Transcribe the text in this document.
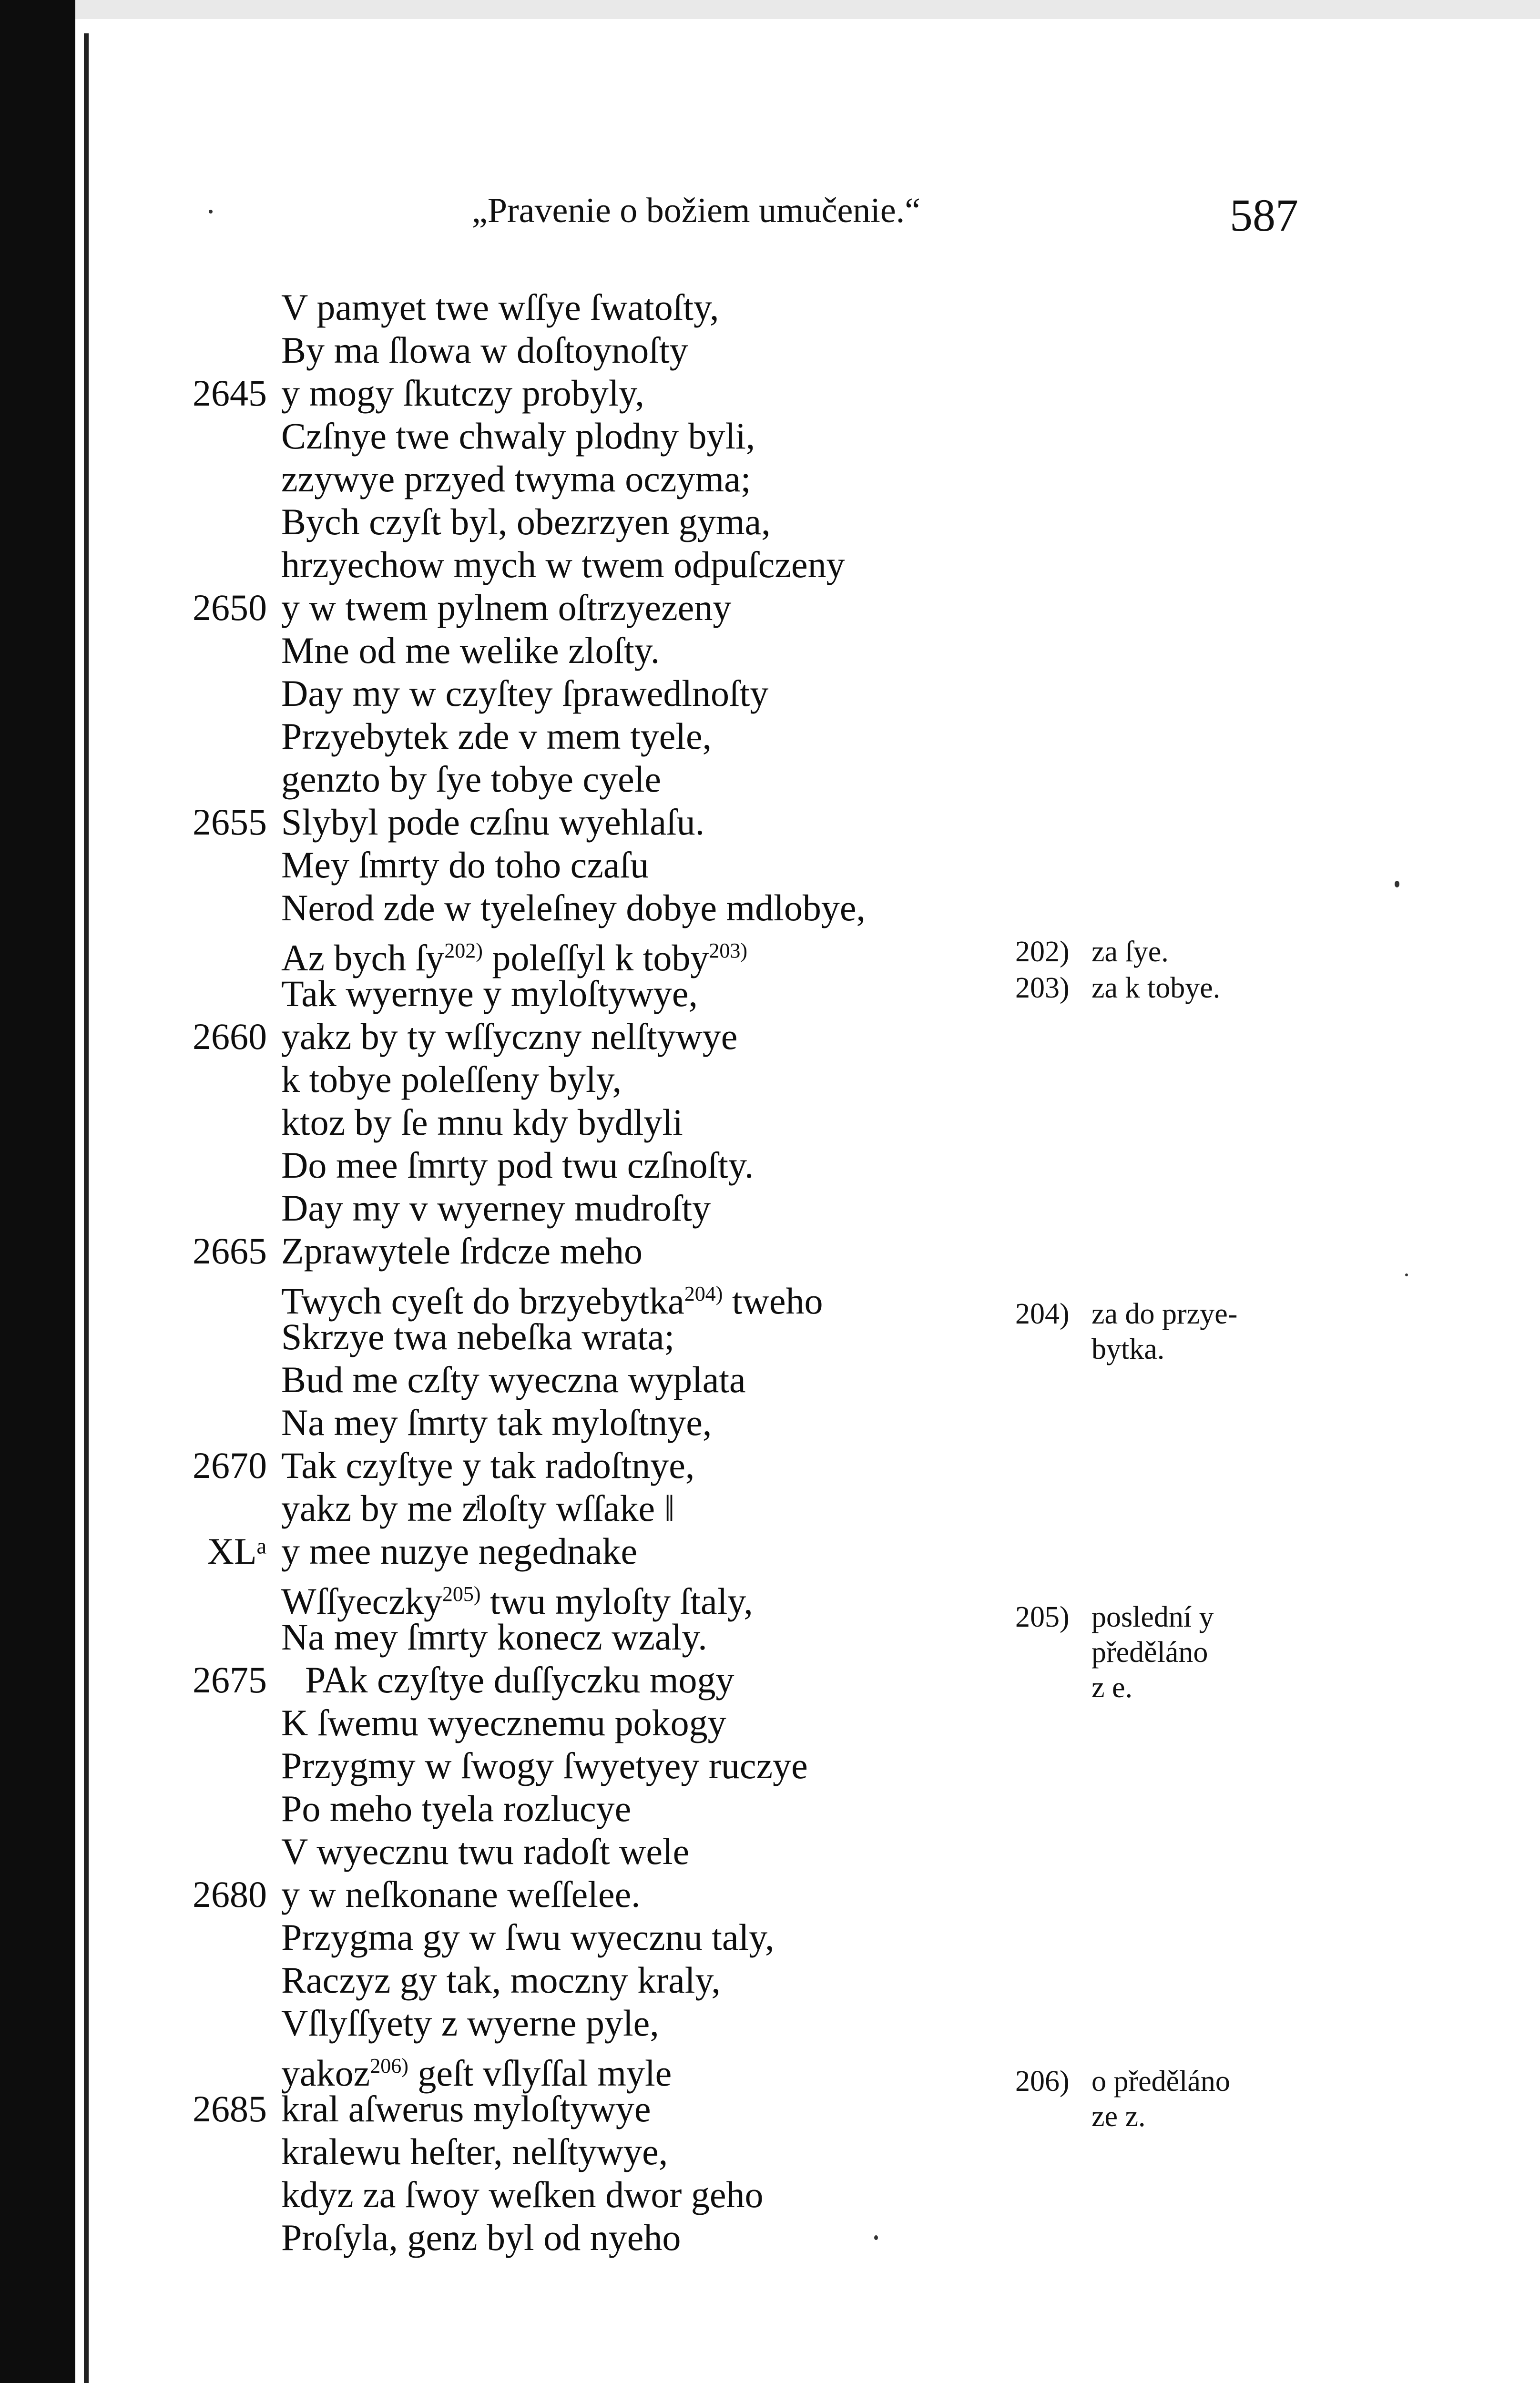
„Pravenie o božiem umučenie.“	587
V pamyet twe wſſye ſwatoſty,
By ma ſlowa w doſtoynoſty
2645 y mogy ſkutczy probyly,
Czſnye twe chwaly plodny byli,
zzywye przyed twyma oczyma;
Bych czyſt byl, obezrzyen gyma,
hrzyechow mych w twem odpuſczeny
2650 y w twem pylnem oſtrzyezeny
Mne od me welike zloſty.
Day my w czyſtey ſprawedlnoſty
Przyebytek zde v mem tyele,
genzto by ſye tobye cyele
2655 Slybyl pode czſnu wyehlaſu.
Mey ſmrty do toho czaſu
Nerod zde w tyeleſney dobye mdlobye,
Az bych $ſy^{202)}$ poleſſyl k toby$^{203)}$
Tak wyernye y myloſtywye,
2660 yakz by ty wſſyczny nelſtywye
k tobye poleſſeny byly,
ktoz by ſe mnu kdy bydlyli
Do mee ſmrty pod twu czſnoſty.
Day my v wyerney mudroſty
2665 Zprawytele ſrdcze meho
Twych cyeſt do brzyebytka$^{204)}$ tweho
Skrzye twa nebeſka wrata;
Bud me czſty wyeczna wyplata
Na mey ſmrty tak myloſtnye,
2670 Tak czyſtye y tak radoſtnye,
yakz by me zͥloſty wſſake ‖
XLᵃ y mee nuzye negednake
Wſſyeczky$^{205)}$ twu myloſty ſtaly,
Na mey ſmrty konecz wzaly.
2675 PAk czyſtye duſſyczku mogy
K ſwemu wyecznemu pokogy
Przygmy w ſwogy ſwyetyey ruczye
Po meho tyela rozlucye
V wyecznu twu radoſt wele
2680 y w neſkonane weſſelee.
Przygma gy w ſwu wyecznu taly,
Raczyz gy tak, moczny kraly,
Vſlyſſyety z wyerne pyle,
yakoz$^{206)}$ geſt vſlyſſal myle
2685 kral aſwerus myloſtywye
kralewu heſter, nelſtywye,
kdyz za ſwoy weſken dwor geho
Proſyla, genz byl od nyeho
202) za ſye.
203) za k tobye.
204) za do przye-
bytka.
205) poslední y
předěláno
z e.
206) o předěláno
ze z.
